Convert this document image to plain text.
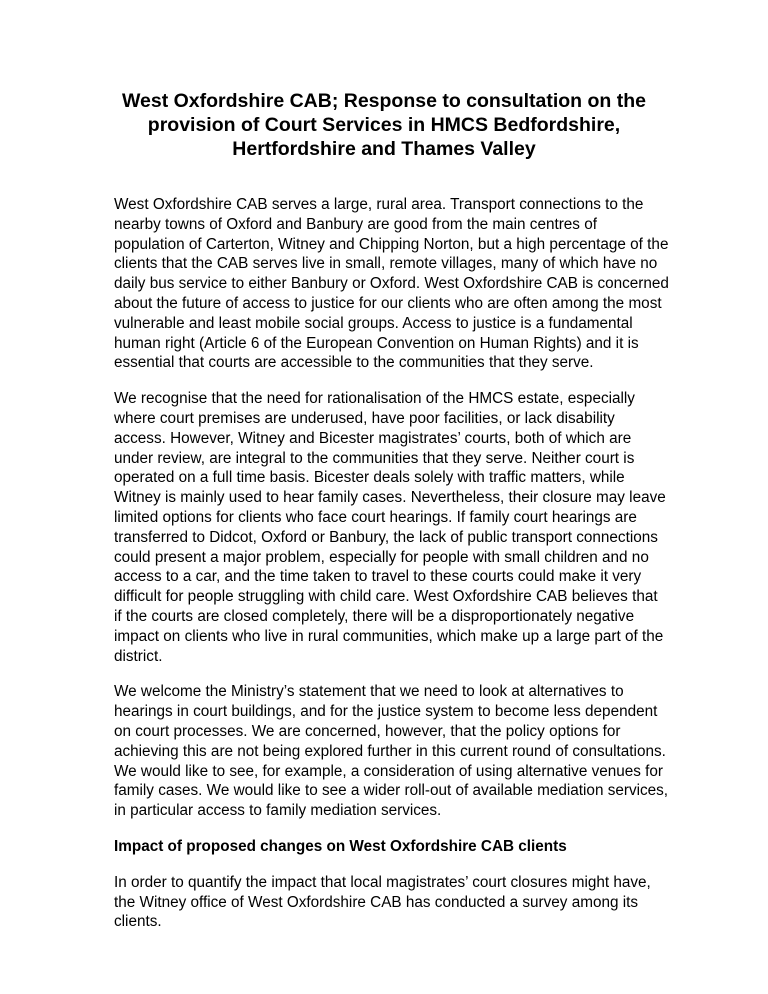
West Oxfordshire CAB; Response to consultation on the provision of Court Services in HMCS Bedfordshire, Hertfordshire and Thames Valley

West Oxfordshire CAB serves a large, rural area. Transport connections to the nearby towns of Oxford and Banbury are good from the main centres of population of Carterton, Witney and Chipping Norton, but a high percentage of the clients that the CAB serves live in small, remote villages, many of which have no daily bus service to either Banbury or Oxford. West Oxfordshire CAB is concerned about the future of access to justice for our clients who are often among the most vulnerable and least mobile social groups. Access to justice is a fundamental human right (Article 6 of the European Convention on Human Rights) and it is essential that courts are accessible to the communities that they serve.

We recognise that the need for rationalisation of the HMCS estate, especially where court premises are underused, have poor facilities, or lack disability access. However, Witney and Bicester magistrates’ courts, both of which are under review, are integral to the communities that they serve. Neither court is operated on a full time basis. Bicester deals solely with traffic matters, while Witney is mainly used to hear family cases. Nevertheless, their closure may leave limited options for clients who face court hearings. If family court hearings are transferred to Didcot, Oxford or Banbury, the lack of public transport connections could present a major problem, especially for people with small children and no access to a car, and the time taken to travel to these courts could make it very difficult for people struggling with child care. West Oxfordshire CAB believes that if the courts are closed completely, there will be a disproportionately negative impact on clients who live in rural communities, which make up a large part of the district.

We welcome the Ministry’s statement that we need to look at alternatives to hearings in court buildings, and for the justice system to become less dependent on court processes. We are concerned, however, that the policy options for achieving this are not being explored further in this current round of consultations. We would like to see, for example, a consideration of using alternative venues for family cases. We would like to see a wider roll-out of available mediation services, in particular access to family mediation services.

Impact of proposed changes on West Oxfordshire CAB clients

In order to quantify the impact that local magistrates’ court closures might have, the Witney office of West Oxfordshire CAB has conducted a survey among its clients.
